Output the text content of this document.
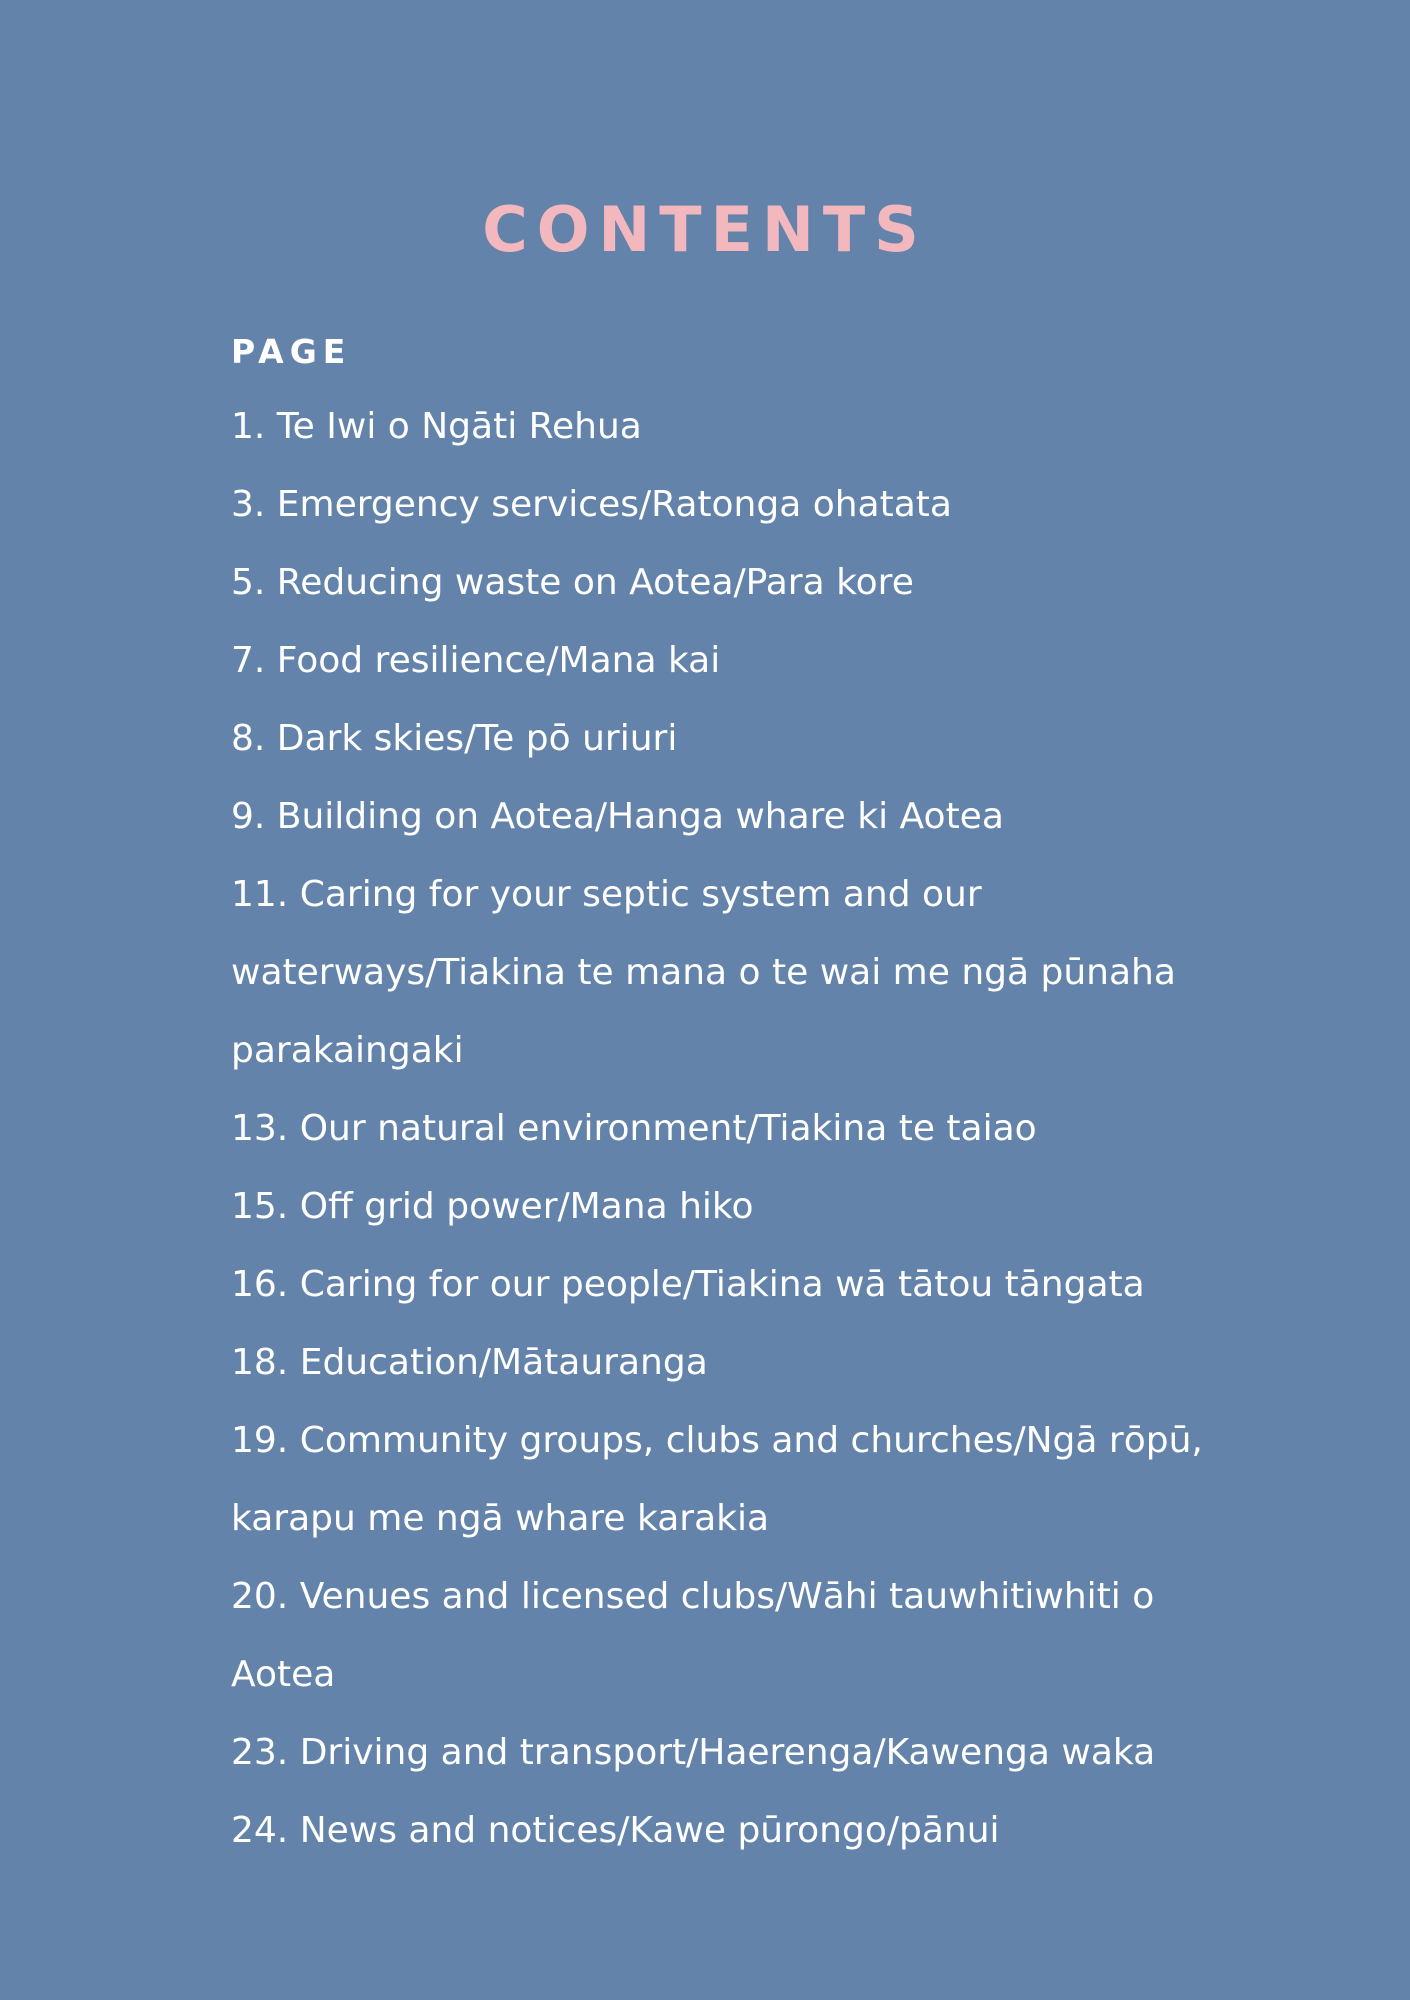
CONTENTS
PAGE
1. Te Iwi o Ngāti Rehua
3. Emergency services/Ratonga ohatata
5. Reducing waste on Aotea/Para kore
7. Food resilience/Mana kai
8. Dark skies/Te pō uriuri
9. Building on Aotea/Hanga whare ki Aotea
11. Caring for your septic system and our
waterways/Tiakina te mana o te wai me ngā pūnaha
parakaingaki
13. Our natural environment/Tiakina te taiao
15. Off grid power/Mana hiko
16. Caring for our people/Tiakina wā tātou tāngata
18. Education/Mātauranga
19. Community groups, clubs and churches/Ngā rōpū,
karapu me ngā whare karakia
20. Venues and licensed clubs/Wāhi tauwhitiwhiti o
Aotea
23. Driving and transport/Haerenga/Kawenga waka
24. News and notices/Kawe pūrongo/pānui
